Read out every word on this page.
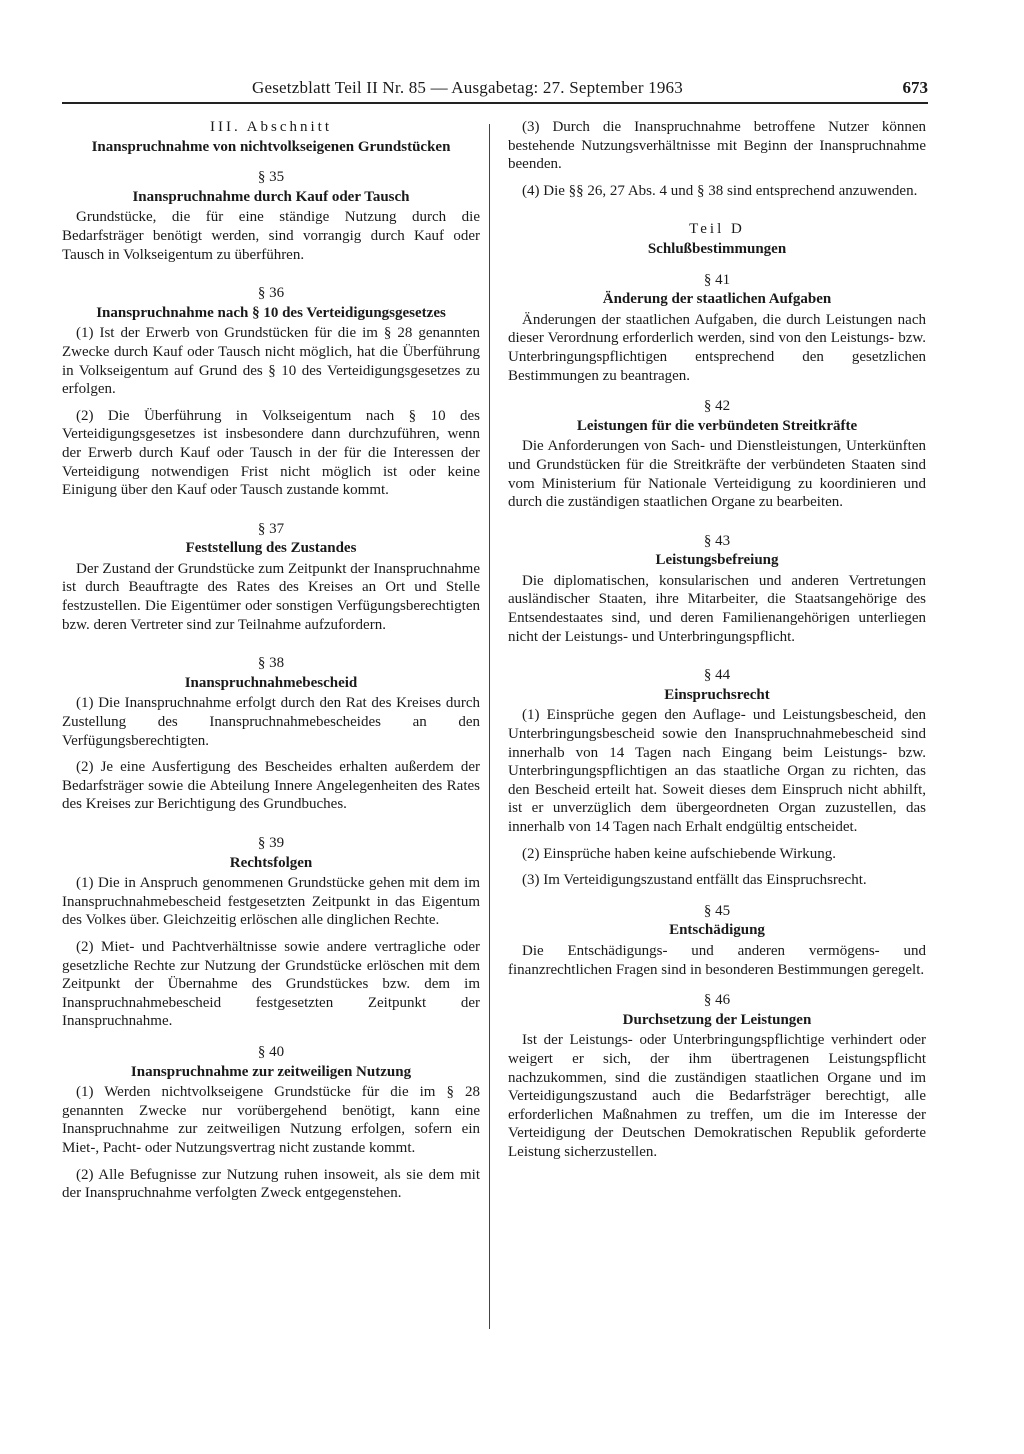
Gesetzblatt Teil II Nr. 85 — Ausgabetag: 27. September 1963	673
III. Abschnitt
Inanspruchnahme von nichtvolkseigenen Grundstücken
§ 35
Inanspruchnahme durch Kauf oder Tausch

Grundstücke, die für eine ständige Nutzung durch die Bedarfsträger benötigt werden, sind vorrangig durch Kauf oder Tausch in Volkseigentum zu überführen.

§ 36
Inanspruchnahme nach § 10 des Verteidigungsgesetzes

(1) Ist der Erwerb von Grundstücken für die im § 28 genannten Zwecke durch Kauf oder Tausch nicht möglich, hat die Überführung in Volkseigentum auf Grund des § 10 des Verteidigungsgesetzes zu erfolgen.

(2) Die Überführung in Volkseigentum nach § 10 des Verteidigungsgesetzes ist insbesondere dann durchzuführen, wenn der Erwerb durch Kauf oder Tausch in der für die Interessen der Verteidigung notwendigen Frist nicht möglich ist oder keine Einigung über den Kauf oder Tausch zustande kommt.

§ 37
Feststellung des Zustandes

Der Zustand der Grundstücke zum Zeitpunkt der Inanspruchnahme ist durch Beauftragte des Rates des Kreises an Ort und Stelle festzustellen. Die Eigentümer oder sonstigen Verfügungsberechtigten bzw. deren Vertreter sind zur Teilnahme aufzufordern.

§ 38
Inanspruchnahmebescheid

(1) Die Inanspruchnahme erfolgt durch den Rat des Kreises durch Zustellung des Inanspruchnahmebescheides an den Verfügungsberechtigten.

(2) Je eine Ausfertigung des Bescheides erhalten außerdem der Bedarfsträger sowie die Abteilung Innere Angelegenheiten des Rates des Kreises zur Berichtigung des Grundbuches.

§ 39
Rechtsfolgen

(1) Die in Anspruch genommenen Grundstücke gehen mit dem im Inanspruchnahmebescheid festgesetzten Zeitpunkt in das Eigentum des Volkes über. Gleichzeitig erlöschen alle dinglichen Rechte.

(2) Miet- und Pachtverhältnisse sowie andere vertragliche oder gesetzliche Rechte zur Nutzung der Grundstücke erlöschen mit dem Zeitpunkt der Übernahme des Grundstückes bzw. dem im Inanspruchnahmebescheid festgesetzten Zeitpunkt der Inanspruchnahme.

§ 40
Inanspruchnahme zur zeitweiligen Nutzung

(1) Werden nichtvolkseigene Grundstücke für die im § 28 genannten Zwecke nur vorübergehend benötigt, kann eine Inanspruchnahme zur zeitweiligen Nutzung erfolgen, sofern ein Miet-, Pacht- oder Nutzungsvertrag nicht zustande kommt.

(2) Alle Befugnisse zur Nutzung ruhen insoweit, als sie dem mit der Inanspruchnahme verfolgten Zweck entgegenstehen.

(3) Durch die Inanspruchnahme betroffene Nutzer können bestehende Nutzungsverhältnisse mit Beginn der Inanspruchnahme beenden.

(4) Die §§ 26, 27 Abs. 4 und § 38 sind entsprechend anzuwenden.

Teil D
Schlußbestimmungen
§ 41
Änderung der staatlichen Aufgaben

Änderungen der staatlichen Aufgaben, die durch Leistungen nach dieser Verordnung erforderlich werden, sind von den Leistungs- bzw. Unterbringungspflichtigen entsprechend den gesetzlichen Bestimmungen zu beantragen.

§ 42
Leistungen für die verbündeten Streitkräfte

Die Anforderungen von Sach- und Dienstleistungen, Unterkünften und Grundstücken für die Streitkräfte der verbündeten Staaten sind vom Ministerium für Nationale Verteidigung zu koordinieren und durch die zuständigen staatlichen Organe zu bearbeiten.

§ 43
Leistungsbefreiung

Die diplomatischen, konsularischen und anderen Vertretungen ausländischer Staaten, ihre Mitarbeiter, die Staatsangehörige des Entsendestaates sind, und deren Familienangehörigen unterliegen nicht der Leistungs- und Unterbringungspflicht.

§ 44
Einspruchsrecht

(1) Einsprüche gegen den Auflage- und Leistungsbescheid, den Unterbringungsbescheid sowie den Inanspruchnahmebescheid sind innerhalb von 14 Tagen nach Eingang beim Leistungs- bzw. Unterbringungspflichtigen an das staatliche Organ zu richten, das den Bescheid erteilt hat. Soweit dieses dem Einspruch nicht abhilft, ist er unverzüglich dem übergeordneten Organ zuzustellen, das innerhalb von 14 Tagen nach Erhalt endgültig entscheidet.

(2) Einsprüche haben keine aufschiebende Wirkung.

(3) Im Verteidigungszustand entfällt das Einspruchsrecht.

§ 45
Entschädigung

Die Entschädigungs- und anderen vermögens- und finanzrechtlichen Fragen sind in besonderen Bestimmungen geregelt.

§ 46
Durchsetzung der Leistungen

Ist der Leistungs- oder Unterbringungspflichtige verhindert oder weigert er sich, der ihm übertragenen Leistungspflicht nachzukommen, sind die zuständigen staatlichen Organe und im Verteidigungszustand auch die Bedarfsträger berechtigt, alle erforderlichen Maßnahmen zu treffen, um die im Interesse der Verteidigung der Deutschen Demokratischen Republik geforderte Leistung sicherzustellen.
